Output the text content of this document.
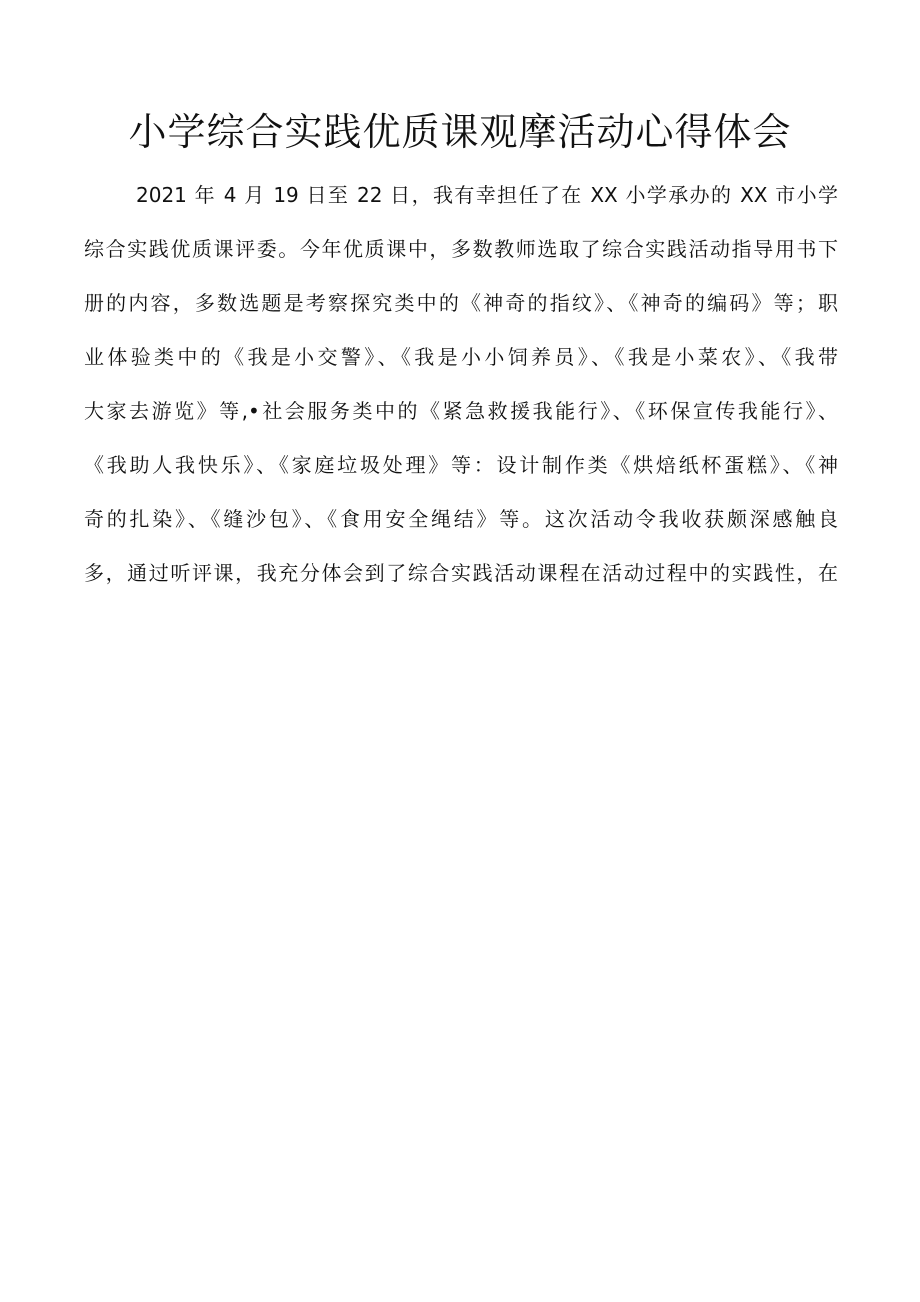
小学综合实践优质课观摩活动心得体会
2021 年 4 月 19 日至 22 日，我有幸担任了在 XX 小学承办的 XX 市小学
综合实践优质课评委。今年优质课中，多数教师选取了综合实践活动指导用书下
册的内容，多数选题是考察探究类中的《神奇的指纹》、《神奇的编码》等；职
业体验类中的《我是小交警》、《我是小小饲养员》、《我是小菜农》、《我带
大家去游览》等,•社会服务类中的《紧急救援我能行》、《环保宣传我能行》、
《我助人我快乐》、《家庭垃圾处理》等：设计制作类《烘焙纸杯蛋糕》、《神
奇的扎染》、《缝沙包》、《食用安全绳结》等。这次活动令我收获颇深感触良
多，通过听评课，我充分体会到了综合实践活动课程在活动过程中的实践性，在
